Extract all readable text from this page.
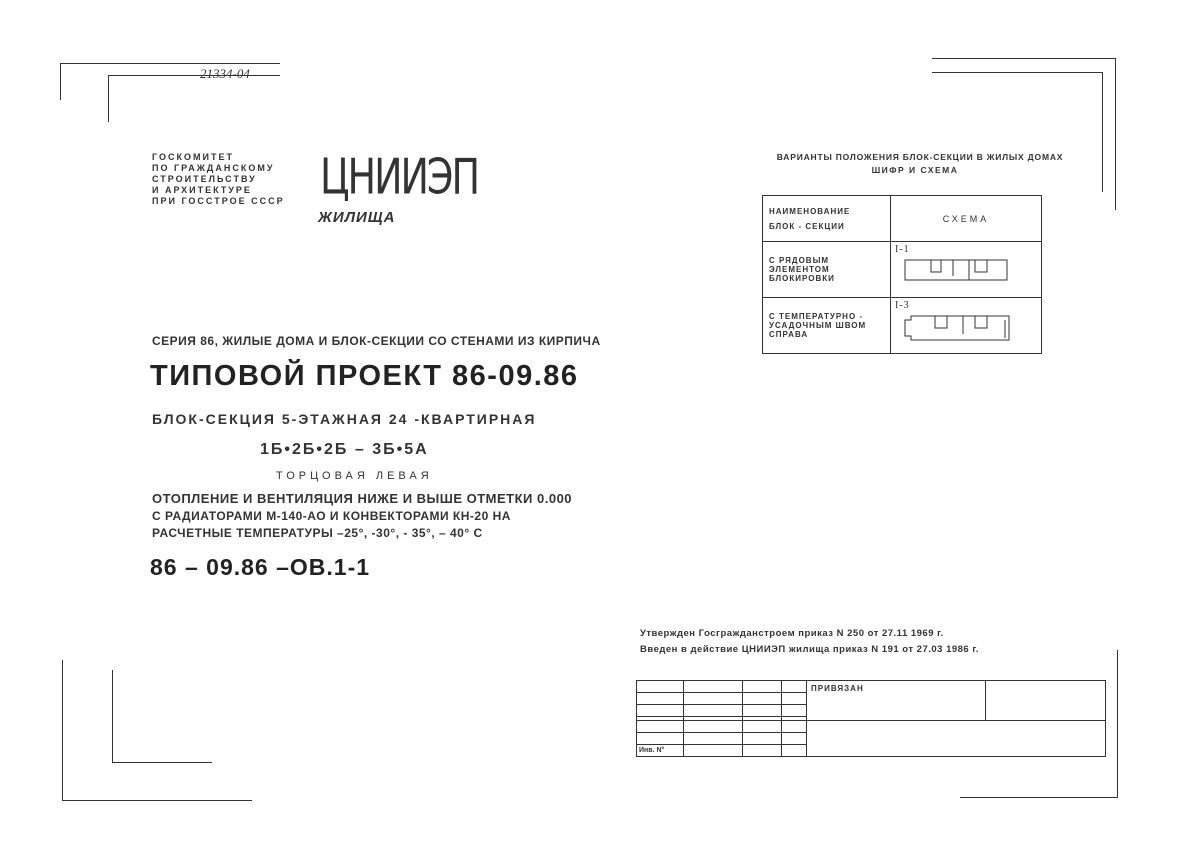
21334-04
ГОСКОМИТЕТ
ПО ГРАЖДАНСКОМУ
СТРОИТЕЛЬСТВУ
И АРХИТЕКТУРЕ
ПРИ ГОССТРОЕ СССР ЦНИИЭП
ЖИЛИЩА
ВАРИАНТЫ ПОЛОЖЕНИЯ БЛОК-СЕКЦИИ В ЖИЛЫХ ДОМАХ
ШИФР И СХЕМА
НАИМЕНОВАНИЕ
БЛОК - СЕКЦИИ	СХЕМА

С РЯДОВЫМ
ЭЛЕМЕНТОМ
БЛОКИРОВКИ	I-1

С ТЕМПЕРАТУРНО -
УСАДОЧНЫМ ШВОМ
СПРАВА	I-3
СЕРИЯ 86, ЖИЛЫЕ ДОМА И БЛОК-СЕКЦИИ СО СТЕНАМИ ИЗ КИРПИЧА
ТИПОВОЙ ПРОЕКТ 86-09.86
БЛОК-СЕКЦИЯ 5-ЭТАЖНАЯ 24 -КВАРТИРНАЯ
1Б•2Б•2Б – 3Б•5А
ТОРЦОВАЯ ЛЕВАЯ
ОТОПЛЕНИЕ И ВЕНТИЛЯЦИЯ НИЖЕ И ВЫШЕ ОТМЕТКИ 0.000
С РАДИАТОРАМИ М-140-АО И КОНВЕКТОРАМИ КН-20 НА
РАСЧЕТНЫЕ ТЕМПЕРАТУРЫ –25°, -30°, - 35°, – 40° С
86 – 09.86 –ОВ.1-1
Утвержден Госгражданстроем приказ N 250 от 27.11 1969 г.
Введен в действие ЦНИИЭП жилища приказ N 191 от 27.03 1986 г.
				ПРИВЯЗАН	

Инв. N°					
